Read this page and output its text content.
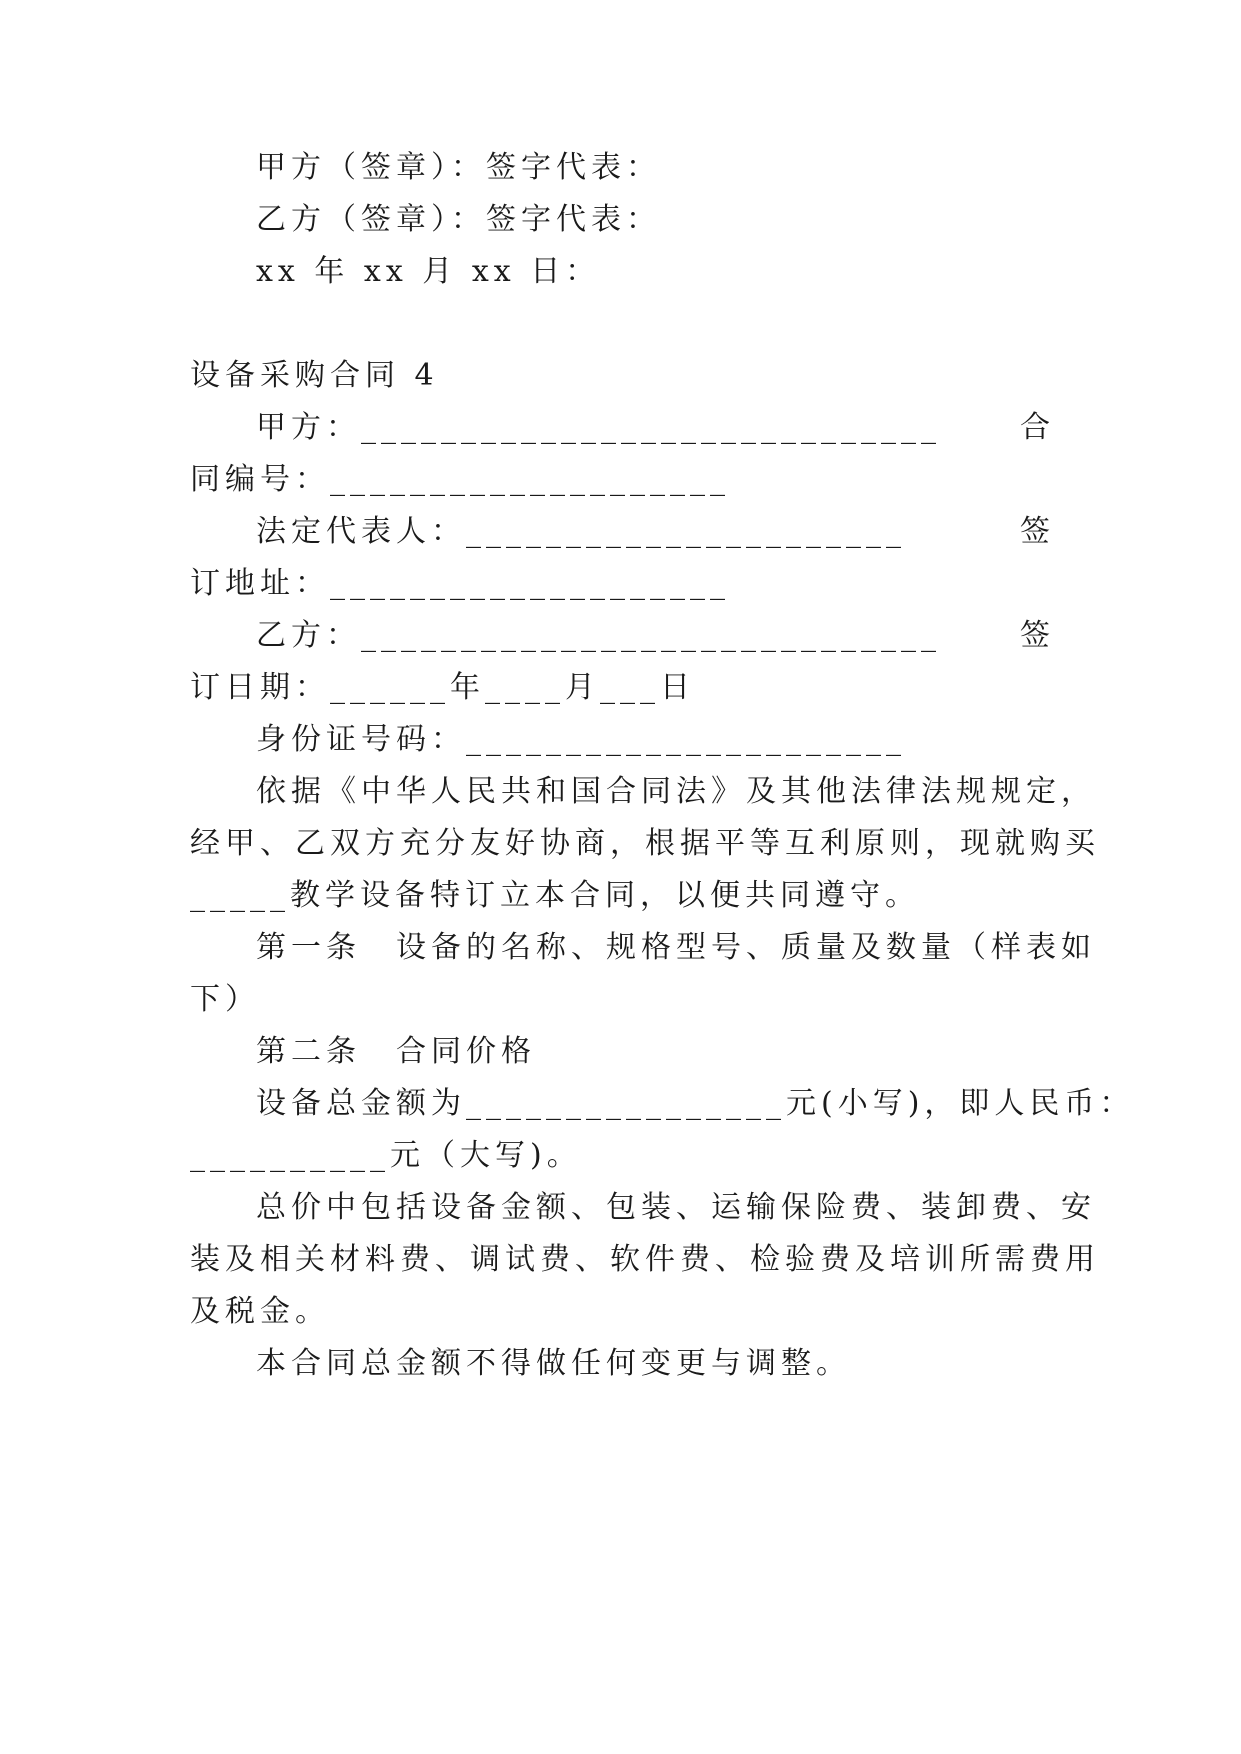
甲方（签章）：签字代表：
乙方（签章）：签字代表：
xx 年 xx 月 xx 日：
设备采购合同 4
甲方：_____________________________	合
同编号：____________________
法定代表人：______________________	签
订地址：____________________
乙方：_____________________________	签
订日期：______年____月___日
身份证号码：______________________
依据《中华人民共和国合同法》及其他法律法规规定，
经甲、乙双方充分友好协商，根据平等互利原则，现就购买
_____教学设备特订立本合同，以便共同遵守。
第一条　设备的名称、规格型号、质量及数量（样表如
下）
第二条　合同价格
设备总金额为________________元(小写)，即人民币：
__________元（大写)。
总价中包括设备金额、包装、运输保险费、装卸费、安
装及相关材料费、调试费、软件费、检验费及培训所需费用
及税金。
本合同总金额不得做任何变更与调整。
